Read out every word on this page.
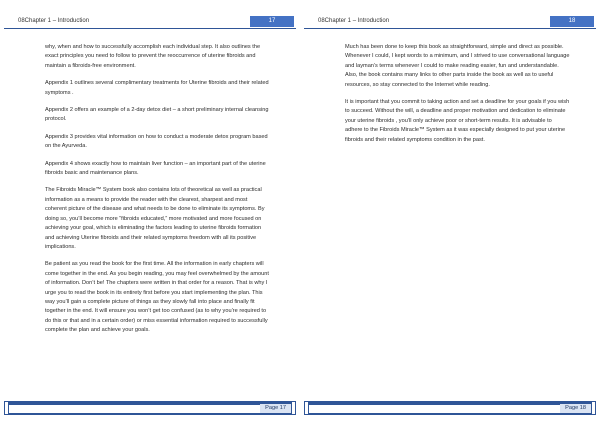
08Chapter 1 – Introduction	17

why, when and how to successfully accomplish each individual step. It also outlines the exact principles you need to follow to prevent the reoccurrence of uterine fibroids and maintain a fibroids-free environment.

Appendix 1 outlines several complimentary treatments for Uterine fibroids and their related symptoms .

Appendix 2 offers an example of a 2-day detox diet – a short preliminary internal cleansing protocol.

Appendix 3 provides vital information on how to conduct a moderate detox program based on the Ayurveda.

Appendix 4 shows exactly how to maintain liver function – an important part of the uterine fibroids basic and maintenance plans.

The Fibroids Miracle™ System book also contains lots of theoretical as well as practical information as a means to provide the reader with the clearest, sharpest and most coherent picture of the disease and what needs to be done to eliminate its symptoms. By doing so, you’ll become more “fibroids educated,” more motivated and more focused on achieving your goal, which is eliminating the factors leading to uterine fibroids formation and achieving Uterine fibroids and their related symptoms freedom with all its positive implications.

Be patient as you read the book for the first time. All the information in early chapters will come together in the end. As you begin reading, you may feel overwhelmed by the amount of information. Don’t be! The chapters were written in that order for a reason. That is why I urge you to read the book in its entirety first before you start implementing the plan. This way you’ll gain a complete picture of things as they slowly fall into place and finally fit together in the end. It will ensure you won’t get too confused (as to why you’re required to do this or that and in a certain order) or miss essential information required to successfully complete the plan and achieve your goals.

Page 17
08Chapter 1 – Introduction	18

Much has been done to keep this book as straightforward, simple and direct as possible. Whenever I could, I kept words to a minimum, and I strived to use conversational language and layman’s terms whenever I could to make reading easier, fun and understandable. Also, the book contains many links to other parts inside the book as well as to useful resources, so stay connected to the Internet while reading.

It is important that you commit to taking action and set a deadline for your goals if you wish to succeed. Without the will, a deadline and proper motivation and dedication to eliminate your uterine fibroids , you’ll only achieve poor or short-term results. It is advisable to adhere to the Fibroids Miracle™ System as it was especially designed to put your uterine fibroids and their related symptoms condition in the past.

Page 18
